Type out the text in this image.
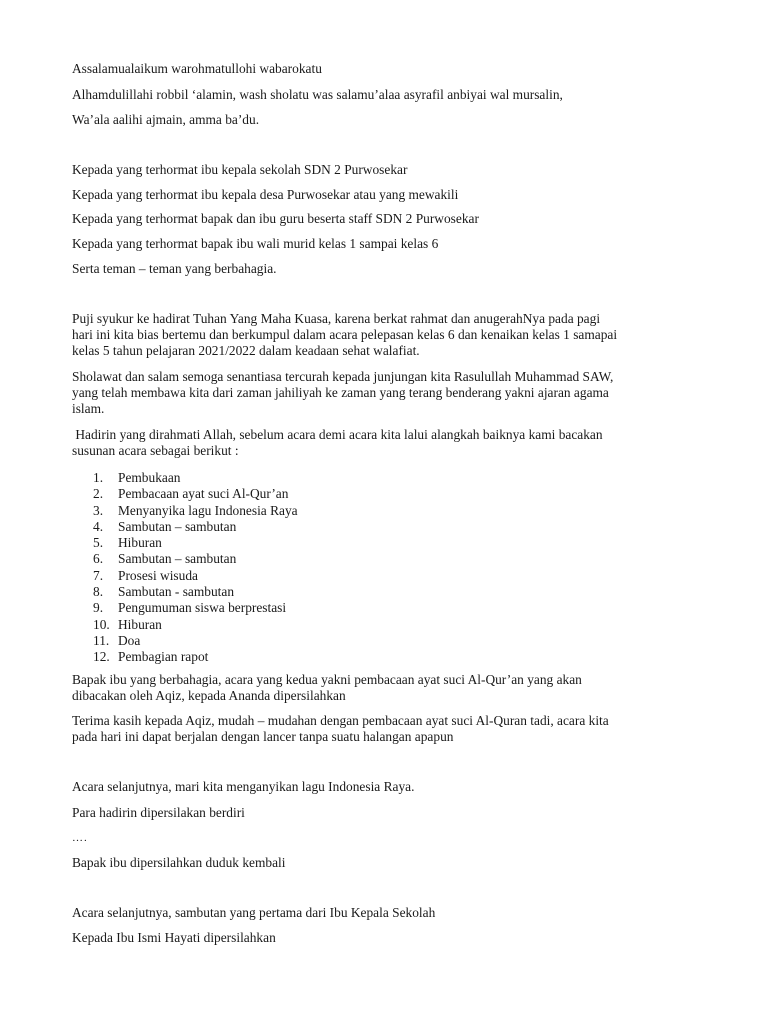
Assalamualaikum warohmatullohi wabarokatu
Alhamdulillahi robbil ‘alamin, wash sholatu was salamu’alaa asyrafil anbiyai wal mursalin,
Wa’ala aalihi ajmain, amma ba’du.
Kepada yang terhormat ibu kepala sekolah SDN 2 Purwosekar
Kepada yang terhormat ibu kepala desa Purwosekar atau yang mewakili
Kepada yang terhormat bapak dan ibu guru beserta staff SDN 2 Purwosekar
Kepada yang terhormat bapak ibu wali murid kelas 1 sampai kelas 6
Serta teman – teman yang berbahagia.
Puji syukur ke hadirat Tuhan Yang Maha Kuasa, karena berkat rahmat dan anugerahNya pada pagi
hari ini kita bias bertemu dan berkumpul dalam acara pelepasan kelas 6 dan kenaikan kelas 1 samapai
kelas 5 tahun pelajaran 2021/2022 dalam keadaan sehat walafiat.
Sholawat dan salam semoga senantiasa tercurah kepada junjungan kita Rasulullah Muhammad SAW,
yang telah membawa kita dari zaman jahiliyah ke zaman yang terang benderang yakni ajaran agama
islam.
Hadirin yang dirahmati Allah, sebelum acara demi acara kita lalui alangkah baiknya kami bacakan
susunan acara sebagai berikut :
1.	Pembukaan
2.	Pembacaan ayat suci Al-Qur’an
3.	Menyanyika lagu Indonesia Raya
4.	Sambutan – sambutan
5.	Hiburan
6.	Sambutan – sambutan
7.	Prosesi wisuda
8.	Sambutan - sambutan
9.	Pengumuman siswa berprestasi
10. Hiburan
11. Doa
12. Pembagian rapot
Bapak ibu yang berbahagia, acara yang kedua yakni pembacaan ayat suci Al-Qur’an yang akan
dibacakan oleh Aqiz, kepada Ananda dipersilahkan
Terima kasih kepada Aqiz, mudah – mudahan dengan pembacaan ayat suci Al-Quran tadi, acara kita
pada hari ini dapat berjalan dengan lancer tanpa suatu halangan apapun
Acara selanjutnya, mari kita menganyikan lagu Indonesia Raya.
Para hadirin dipersilakan berdiri
….
Bapak ibu dipersilahkan duduk kembali
Acara selanjutnya, sambutan yang pertama dari Ibu Kepala Sekolah
Kepada Ibu Ismi Hayati dipersilahkan
